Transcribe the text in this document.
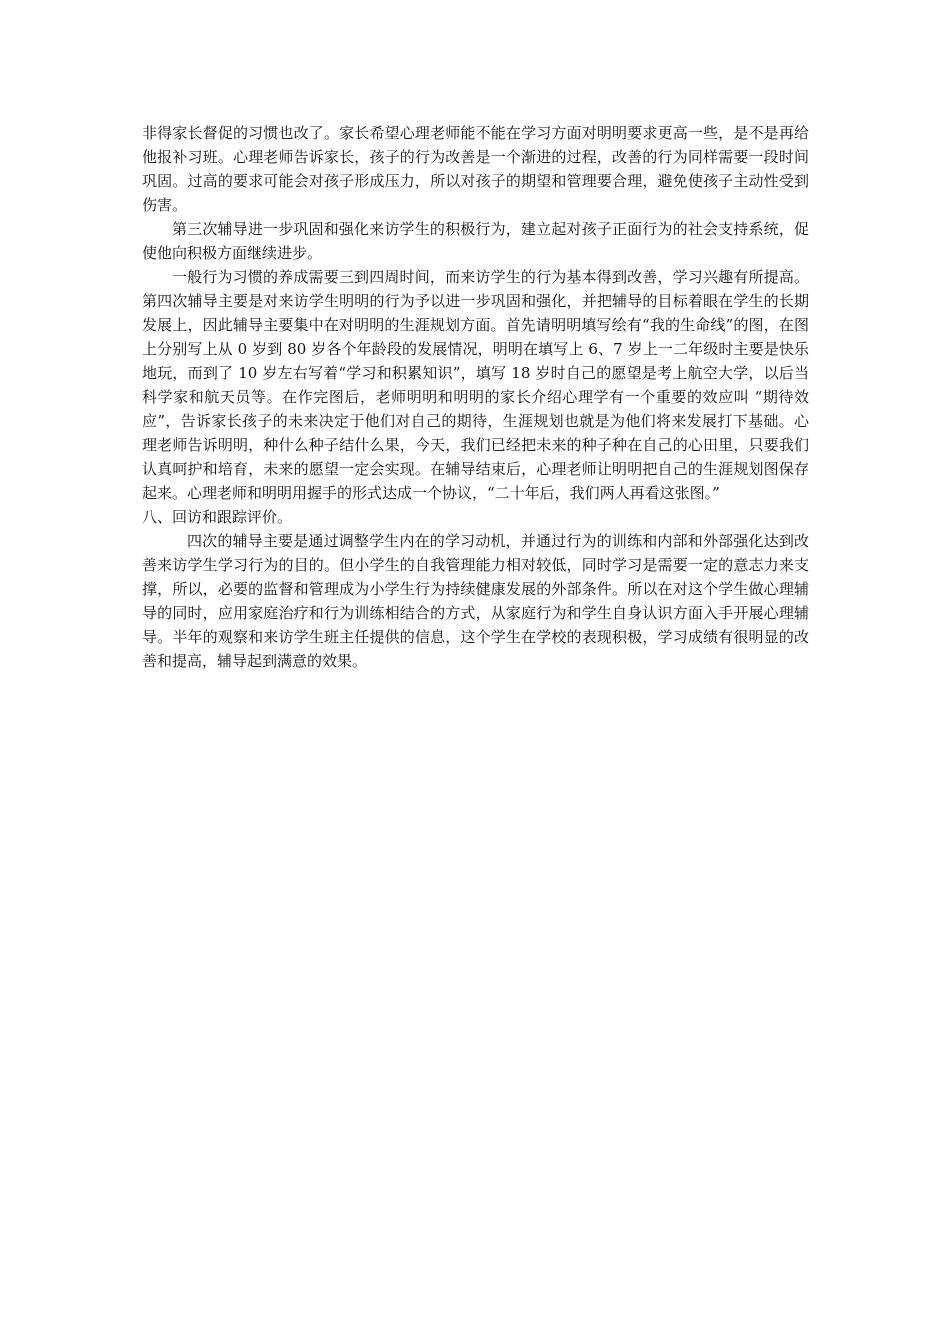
非得家长督促的习惯也改了。家长希望心理老师能不能在学习方面对明明要求更高一些，是不是再给他报补习班。心理老师告诉家长，孩子的行为改善是一个渐进的过程，改善的行为同样需要一段时间巩固。过高的要求可能会对孩子形成压力，所以对孩子的期望和管理要合理，避免使孩子主动性受到伤害。

第三次辅导进一步巩固和强化来访学生的积极行为，建立起对孩子正面行为的社会支持系统，促使他向积极方面继续进步。

一般行为习惯的养成需要三到四周时间，而来访学生的行为基本得到改善，学习兴趣有所提高。第四次辅导主要是对来访学生明明的行为予以进一步巩固和强化，并把辅导的目标着眼在学生的长期发展上，因此辅导主要集中在对明明的生涯规划方面。首先请明明填写绘有“我的生命线”的图，在图上分别写上从 0 岁到 80 岁各个年龄段的发展情况，明明在填写上 6、7 岁上一二年级时主要是快乐地玩，而到了 10 岁左右写着“学习和积累知识”，填写 18 岁时自己的愿望是考上航空大学，以后当科学家和航天员等。在作完图后，老师明明和明明的家长介绍心理学有一个重要的效应叫 “期待效应”，告诉家长孩子的未来决定于他们对自己的期待，生涯规划也就是为他们将来发展打下基础。心理老师告诉明明，种什么种子结什么果，今天，我们已经把未来的种子种在自己的心田里，只要我们认真呵护和培育，未来的愿望一定会实现。在辅导结束后，心理老师让明明把自己的生涯规划图保存起来。心理老师和明明用握手的形式达成一个协议，“二十年后，我们两人再看这张图。”

八、回访和跟踪评价。

四次的辅导主要是通过调整学生内在的学习动机，并通过行为的训练和内部和外部强化达到改善来访学生学习行为的目的。但小学生的自我管理能力相对较低，同时学习是需要一定的意志力来支撑，所以，必要的监督和管理成为小学生行为持续健康发展的外部条件。所以在对这个学生做心理辅导的同时，应用家庭治疗和行为训练相结合的方式，从家庭行为和学生自身认识方面入手开展心理辅导。半年的观察和来访学生班主任提供的信息，这个学生在学校的表现积极，学习成绩有很明显的改善和提高，辅导起到满意的效果。
